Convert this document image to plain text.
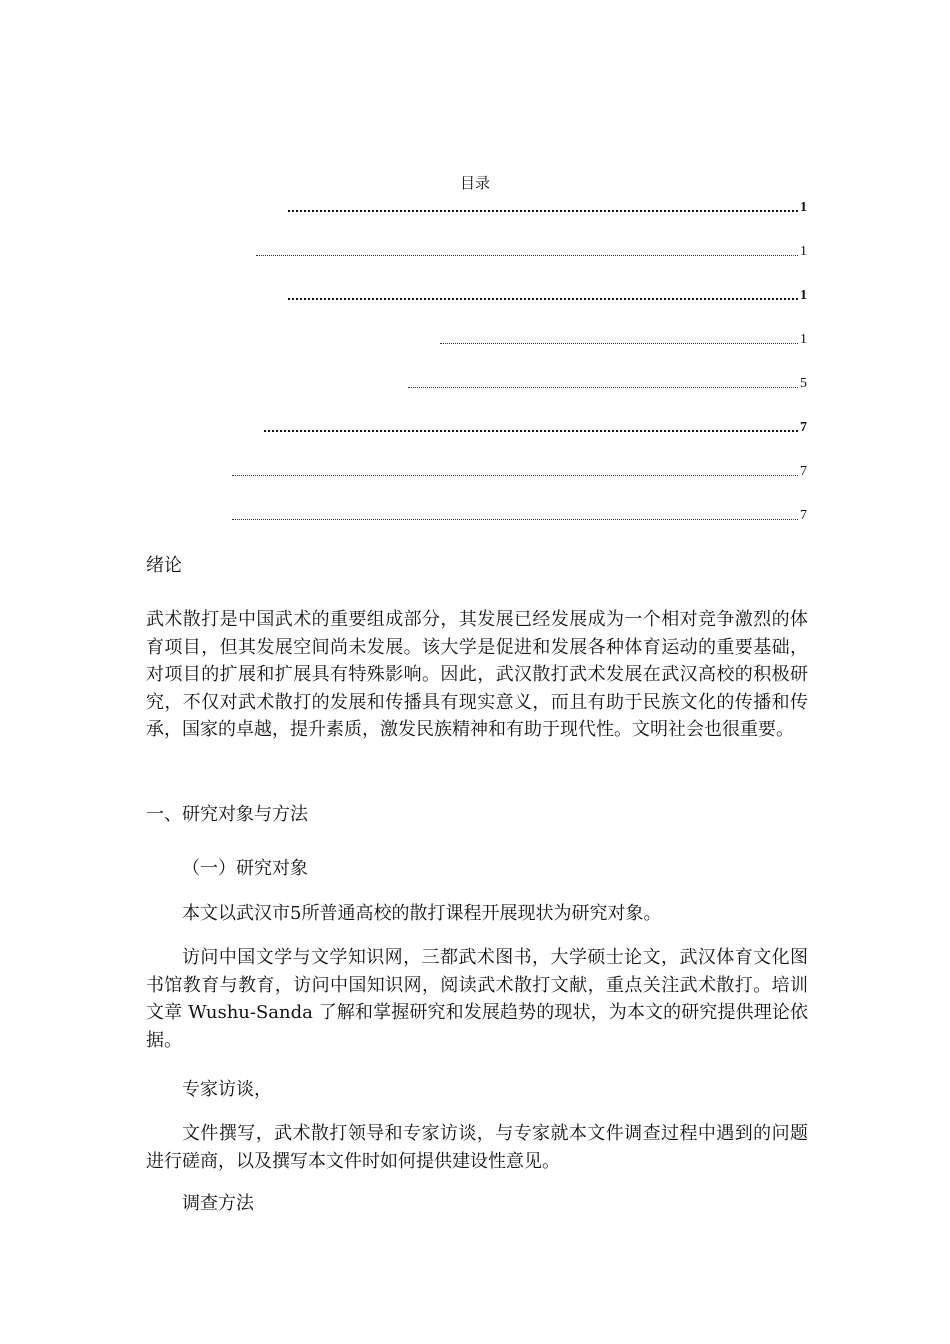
目录
1
1
1
1
5
7
7
7
绪论
武术散打是中国武术的重要组成部分，其发展已经发展成为一个相对竞争激烈的体育项目，但其发展空间尚未发展。该大学是促进和发展各种体育运动的重要基础，对项目的扩展和扩展具有特殊影响。因此，武汉散打武术发展在武汉高校的积极研究，不仅对武术散打的发展和传播具有现实意义，而且有助于民族文化的传播和传承，国家的卓越，提升素质，激发民族精神和有助于现代性。文明社会也很重要。
一、研究对象与方法
（一）研究对象
本文以武汉市5所普通高校的散打课程开展现状为研究对象。
访问中国文学与文学知识网，三都武术图书，大学硕士论文，武汉体育文化图书馆教育与教育，访问中国知识网，阅读武术散打文献，重点关注武术散打。培训文章 Wushu-Sanda 了解和掌握研究和发展趋势的现状，为本文的研究提供理论依据。
专家访谈，
文件撰写，武术散打领导和专家访谈，与专家就本文件调查过程中遇到的问题进行磋商，以及撰写本文件时如何提供建设性意见。
调查方法
